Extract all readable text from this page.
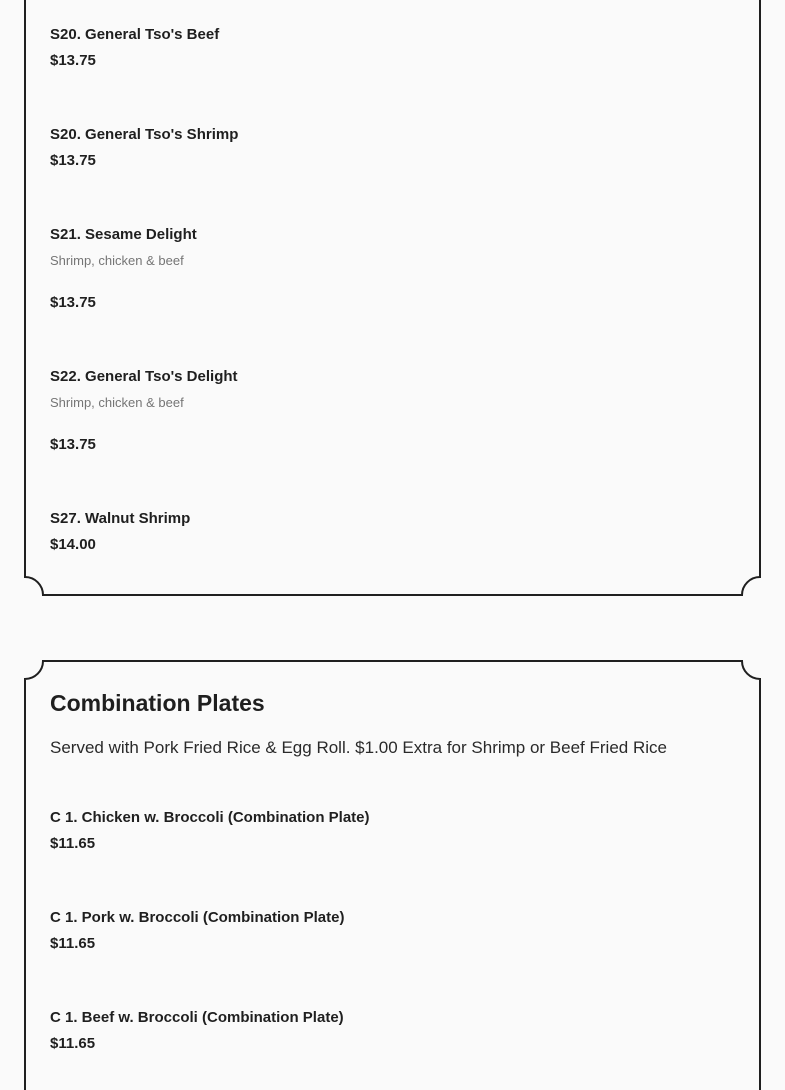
S20. General Tso's Beef

$13.75

S20. General Tso's Shrimp

$13.75

S21. Sesame Delight

Shrimp, chicken & beef

$13.75

S22. General Tso's Delight

Shrimp, chicken & beef

$13.75

S27. Walnut Shrimp

$14.00
Combination Plates

Served with Pork Fried Rice & Egg Roll. $1.00 Extra for Shrimp or Beef Fried Rice

C 1. Chicken w. Broccoli (Combination Plate)

$11.65

C 1. Pork w. Broccoli (Combination Plate)

$11.65

C 1. Beef w. Broccoli (Combination Plate)

$11.65
